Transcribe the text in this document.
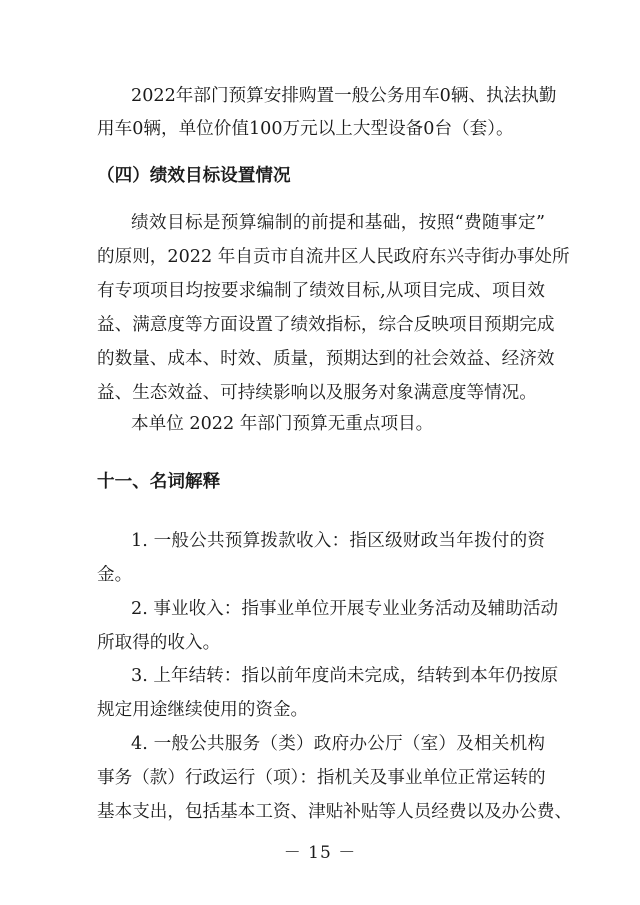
2022年部门预算安排购置一般公务用车0辆、执法执勤
用车0辆，单位价值100万元以上大型设备0台（套）。
（四）绩效目标设置情况
绩效目标是预算编制的前提和基础，按照“费随事定”
的原则，2022 年自贡市自流井区人民政府东兴寺街办事处所
有专项项目均按要求编制了绩效目标,从项目完成、项目效
益、满意度等方面设置了绩效指标，综合反映项目预期完成
的数量、成本、时效、质量，预期达到的社会效益、经济效
益、生态效益、可持续影响以及服务对象满意度等情况。
本单位 2022 年部门预算无重点项目。
十一、名词解释
1. 一般公共预算拨款收入：指区级财政当年拨付的资
金。
2. 事业收入：指事业单位开展专业业务活动及辅助活动
所取得的收入。
3. 上年结转：指以前年度尚未完成，结转到本年仍按原
规定用途继续使用的资金。
4. 一般公共服务（类）政府办公厅（室）及相关机构
事务（款）行政运行（项）：指机关及事业单位正常运转的
基本支出，包括基本工资、津贴补贴等人员经费以及办公费、
－ 15 －
